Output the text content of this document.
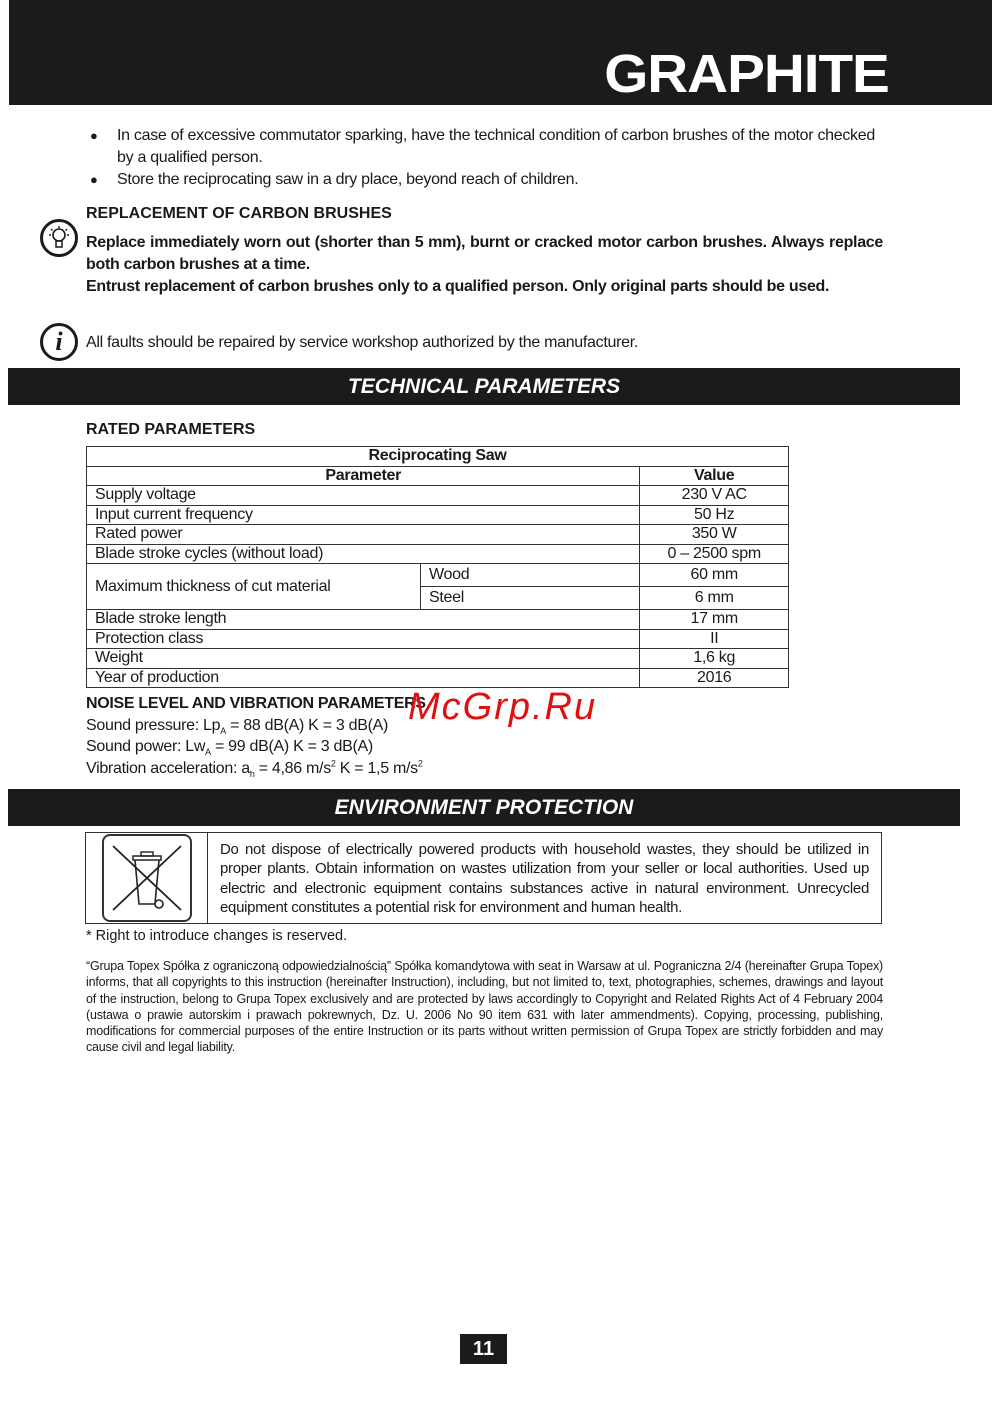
GRAPHITE
● In case of excessive commutator sparking, have the technical condition of carbon brushes of the motor checked by a qualified person.
● Store the reciprocating saw in a dry place, beyond reach of children.
REPLACEMENT OF CARBON BRUSHES
Replace immediately worn out (shorter than 5 mm), burnt or cracked motor carbon brushes. Always replace both carbon brushes at a time.
Entrust replacement of carbon brushes only to a qualified person. Only original parts should be used.
i All faults should be repaired by service workshop authorized by the manufacturer.
TECHNICAL PARAMETERS
RATED PARAMETERS
Reciprocating Saw		
Parameter		Value
Supply voltage		230 V AC
Input current frequency		50 Hz
Rated power		350 W
Blade stroke cycles (without load)		0 – 2500 spm
Maximum thickness of cut material	Wood	60 mm
	Steel	6 mm
Blade stroke length		17 mm
Protection class		II
Weight		1,6 kg
Year of production		2016
NOISE LEVEL AND VIBRATION PARAMETERS
Sound pressure: $Lp_A = 88$ dB(A) K = 3 dB(A)
Sound power: $Lw_A = 99$ dB(A) K = 3 dB(A)
Vibration acceleration: $a_h = 4,86$ $m/s^2$ K = 1,5 $m/s^2$
McGrp.Ru
ENVIRONMENT PROTECTION
Do not dispose of electrically powered products with household wastes, they should be utilized in proper plants. Obtain information on wastes utilization from your seller or local authorities. Used up electric and electronic equipment contains substances active in natural environment. Unrecycled equipment constitutes a potential risk for environment and human health.
* Right to introduce changes is reserved.
“Grupa Topex Spółka z ograniczoną odpowiedzialnością” Spółka komandytowa with seat in Warsaw at ul. Pograniczna 2/4 (hereinafter Grupa Topex) informs, that all copyrights to this instruction (hereinafter Instruction), including, but not limited to, text, photographies, schemes, drawings and layout of the instruction, belong to Grupa Topex exclusively and are protected by laws accordingly to Copyright and Related Rights Act of 4 February 2004 (ustawa o prawie autorskim i prawach pokrewnych, Dz. U. 2006 No 90 item 631 with later ammendments). Copying, processing, publishing, modifications for commercial purposes of the entire Instruction or its parts without written permission of Grupa Topex are strictly forbidden and may cause civil and legal liability.
11
